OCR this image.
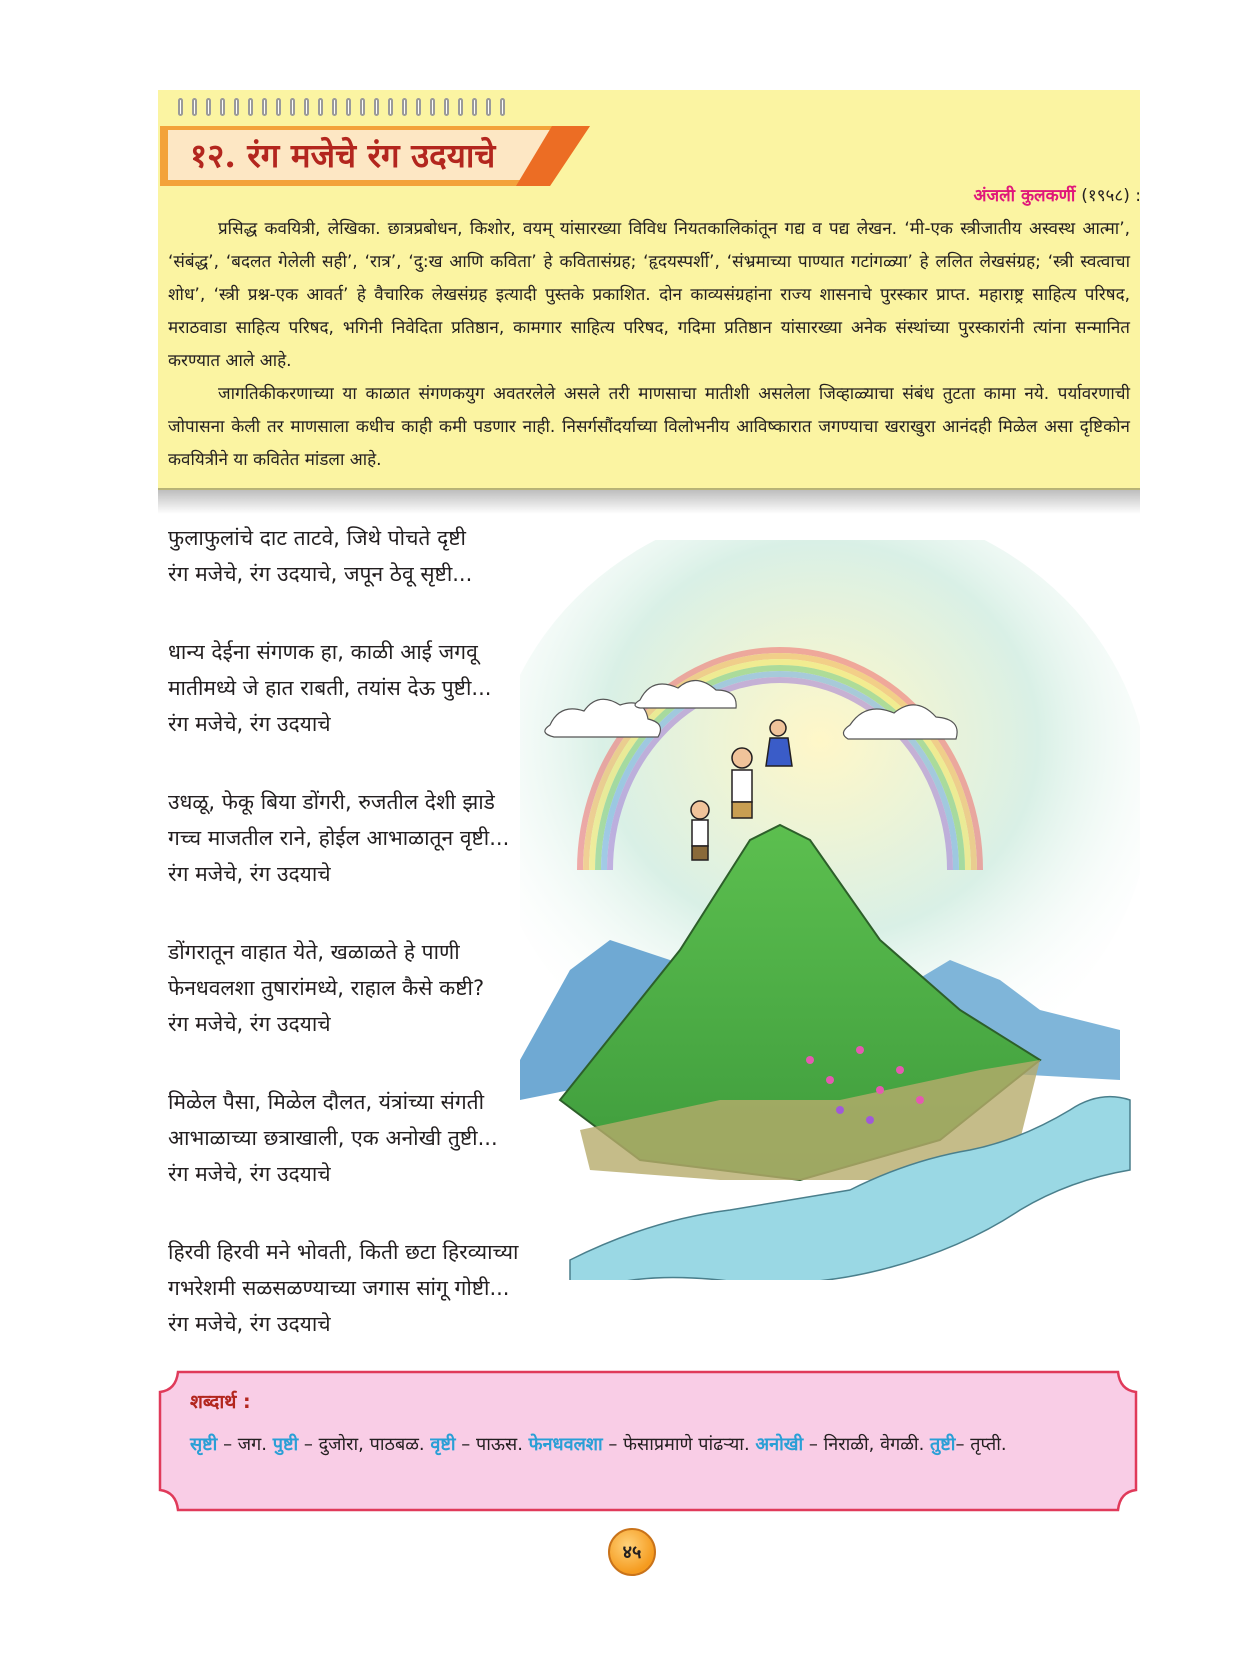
१२. रंग मजेचे रंग उदयाचे
अंजली कुलकर्णी (१९५८) :

प्रसिद्ध कवयित्री, लेखिका. छात्रप्रबोधन, किशोर, वयम् यांसारख्या विविध नियतकालिकांतून गद्य व पद्य लेखन. ‘मी-एक स्त्रीजातीय अस्वस्थ आत्मा’, ‘संबंद्ध’, ‘बदलत गेलेली सही’, ‘रात्र’, ‘दु:ख आणि कविता’ हे कवितासंग्रह; ‘हृदयस्पर्शी’, ‘संभ्रमाच्या पाण्यात गटांगळ्या’ हे ललित लेखसंग्रह; ‘स्त्री स्वत्वाचा शोध’, ‘स्त्री प्रश्न-एक आवर्त’ हे वैचारिक लेखसंग्रह इत्यादी पुस्तके प्रकाशित. दोन काव्यसंग्रहांना राज्य शासनाचे पुरस्कार प्राप्त. महाराष्ट्र साहित्य परिषद, मराठवाडा साहित्य परिषद, भगिनी निवेदिता प्रतिष्ठान, कामगार साहित्य परिषद, गदिमा प्रतिष्ठान यांसारख्या अनेक संस्थांच्या पुरस्कारांनी त्यांना सन्मानित करण्यात आले आहे.

जागतिकीकरणाच्या या काळात संगणकयुग अवतरलेले असले तरी माणसाचा मातीशी असलेला जिव्हाळ्याचा संबंध तुटता कामा नये. पर्यावरणाची जोपासना केली तर माणसाला कधीच काही कमी पडणार नाही. निसर्गसौंदर्याच्या विलोभनीय आविष्कारात जगण्याचा खराखुरा आनंदही मिळेल असा दृष्टिकोन कवयित्रीने या कवितेत मांडला आहे.

फुलाफुलांचे दाट ताटवे, जिथे पोचते दृष्टी
रंग मजेचे, रंग उदयाचे, जपून ठेवू सृष्टी...
धान्य देईना संगणक हा, काळी आई जगवू
मातीमध्ये जे हात राबती, तयांस देऊ पुष्टी...
रंग मजेचे, रंग उदयाचे
उधळू, फेकू बिया डोंगरी, रुजतील देशी झाडे
गच्च माजतील राने, होईल आभाळातून वृष्टी...
रंग मजेचे, रंग उदयाचे
डोंगरातून वाहात येते, खळाळते हे पाणी
फेनधवलशा तुषारांमध्ये, राहाल कैसे कष्टी?
रंग मजेचे, रंग उदयाचे
मिळेल पैसा, मिळेल दौलत, यंत्रांच्या संगती
आभाळाच्या छत्राखाली, एक अनोखी तुष्टी...
रंग मजेचे, रंग उदयाचे
हिरवी हिरवी मने भोवती, किती छटा हिरव्याच्या
गभरेशमी सळसळण्याच्या जगास सांगू गोष्टी...
रंग मजेचे, रंग उदयाचे
शब्दार्थ :
सृष्टी – जग. पुष्टी – दुजोरा, पाठबळ. वृष्टी – पाऊस. फेनधवलशा – फेसाप्रमाणे पांढऱ्या. अनोखी – निराळी, वेगळी. तुष्टी– तृप्ती.
४५
